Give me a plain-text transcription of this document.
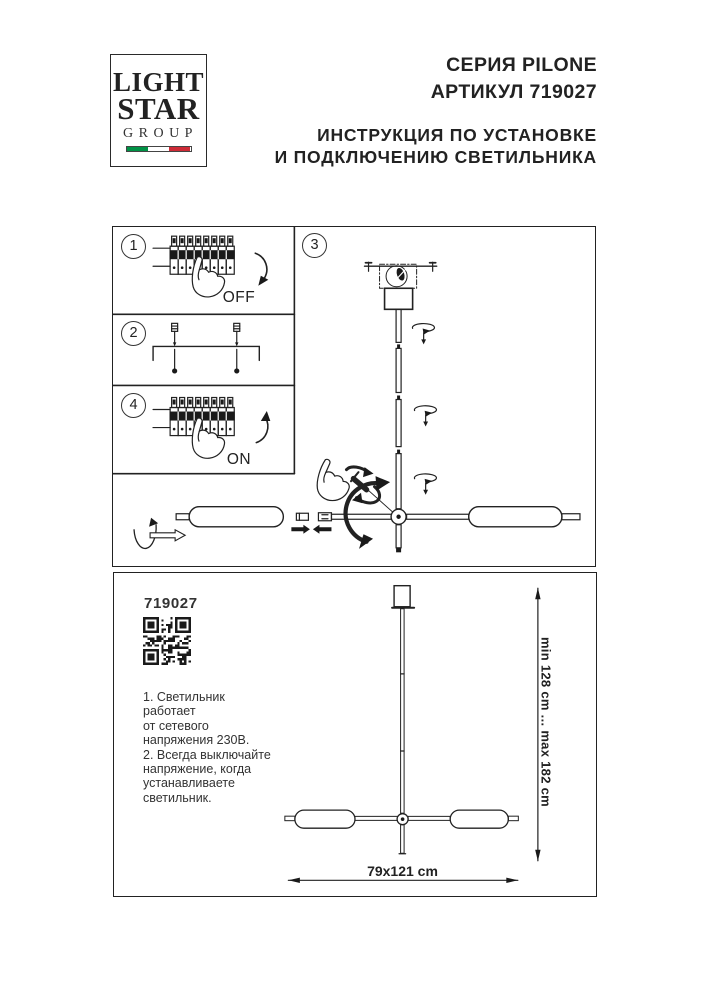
LIGHT
STAR
GROUP
СЕРИЯ PILONE
АРТИКУЛ 719027
ИНСТРУКЦИЯ ПО УСТАНОВКЕ
И ПОДКЛЮЧЕНИЮ СВЕТИЛЬНИКА
1
2
3
4
OFF
ON
719027
1. Светильник
работает
от сетевого
напряжения 230В.
2. Всегда выключайте
напряжение, когда
устанавливаете
светильник.	min 128 cm ... max 182 cm
79x121 cm
